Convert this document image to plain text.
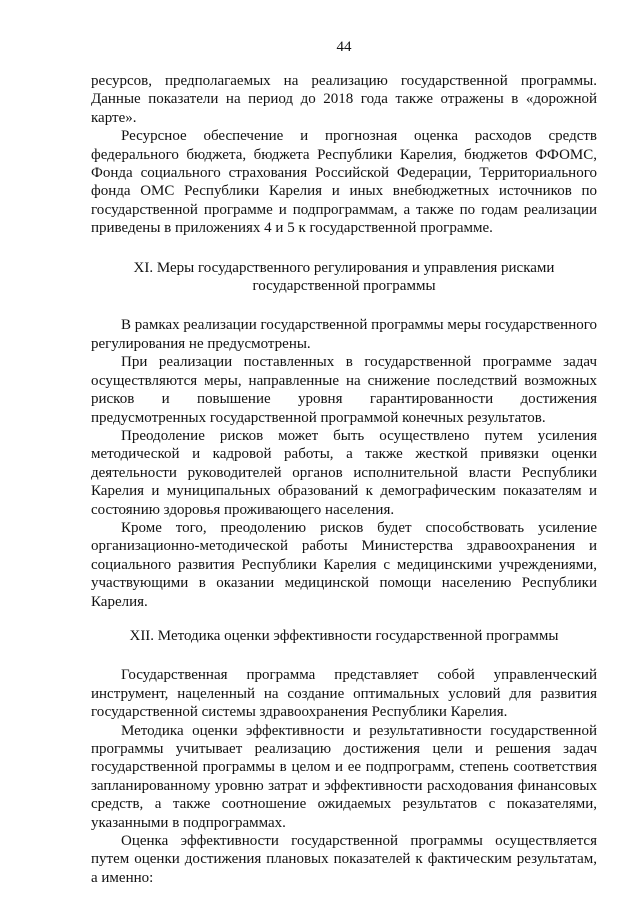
44

ресурсов, предполагаемых на реализацию государственной программы. Данные показатели на период до 2018 года также отражены в «дорожной карте».

Ресурсное обеспечение и прогнозная оценка расходов средств федерального бюджета, бюджета Республики Карелия, бюджетов ФФОМС, Фонда социального страхования Российской Федерации, Территориального фонда ОМС Республики Карелия и иных внебюджетных источников по государственной программе и подпрограммам, а также по годам реализации приведены в приложениях 4 и 5 к государственной программе.

XI. Меры государственного регулирования и управления рисками государственной программы

В рамках реализации государственной программы меры государственного регулирования не предусмотрены.

При реализации поставленных в государственной программе задач осуществляются меры, направленные на снижение последствий возможных рисков и повышение уровня гарантированности достижения предусмотренных государственной программой конечных результатов.

Преодоление рисков может быть осуществлено путем усиления методической и кадровой работы, а также жесткой привязки оценки деятельности руководителей органов исполнительной власти Республики Карелия и муниципальных образований к демографическим показателям и состоянию здоровья проживающего населения.

Кроме того, преодолению рисков будет способствовать усиление организационно-методической работы Министерства здравоохранения и социального развития Республики Карелия с медицинскими учреждениями, участвующими в оказании медицинской помощи населению Республики Карелия.

XII. Методика оценки эффективности государственной программы

Государственная программа представляет собой управленческий инструмент, нацеленный на создание оптимальных условий для развития государственной системы здравоохранения Республики Карелия.

Методика оценки эффективности и результативности государственной программы учитывает реализацию достижения цели и решения задач государственной программы в целом и ее подпрограмм, степень соответствия запланированному уровню затрат и эффективности расходования финансовых средств, а также соотношение ожидаемых результатов с показателями, указанными в подпрограммах.

Оценка эффективности государственной программы осуществляется путем оценки достижения плановых показателей к фактическим результатам, а именно:
